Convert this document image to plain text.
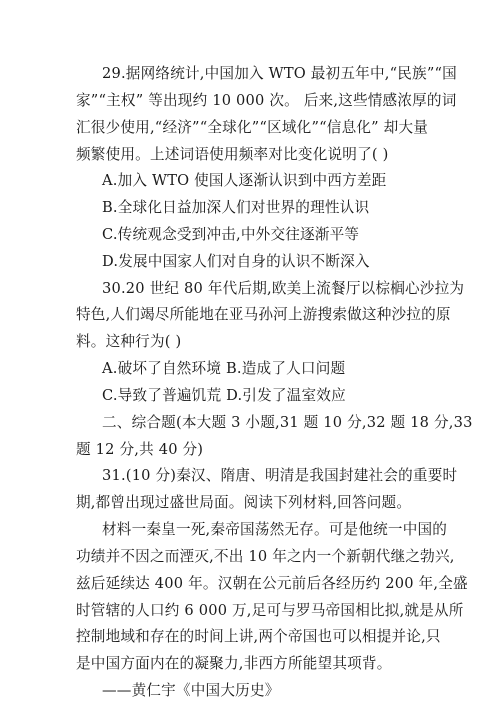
29.据网络统计,中国加入 WTO 最初五年中,“民族”“国
家”“主权” 等出现约 10 000 次。 后来,这些情感浓厚的词
汇很少使用,“经济”“全球化”“区域化”“信息化” 却大量
频繁使用。上述词语使用频率对比变化说明了( )
A.加入 WTO 使国人逐渐认识到中西方差距
B.全球化日益加深人们对世界的理性认识
C.传统观念受到冲击,中外交往逐渐平等
D.发展中国家人们对自身的认识不断深入
30.20 世纪 80 年代后期,欧美上流餐厅以棕榈心沙拉为
特色,人们竭尽所能地在亚马孙河上游搜索做这种沙拉的原
料。这种行为( )
A.破坏了自然环境 B.造成了人口问题
C.导致了普遍饥荒 D.引发了温室效应
二、综合题(本大题 3 小题,31 题 10 分,32 题 18 分,33
题 12 分,共 40 分)
31.(10 分)秦汉、隋唐、明清是我国封建社会的重要时
期,都曾出现过盛世局面。阅读下列材料,回答问题。
材料一秦皇一死,秦帝国荡然无存。可是他统一中国的
功绩并不因之而湮灭,不出 10 年之内一个新朝代继之勃兴,
兹后延续达 400 年。汉朝在公元前后各经历约 200 年,全盛
时管辖的人口约 6 000 万,足可与罗马帝国相比拟,就是从所
控制地域和存在的时间上讲,两个帝国也可以相提并论,只
是中国方面内在的凝聚力,非西方所能望其项背。
——黄仁宇《中国大历史》
